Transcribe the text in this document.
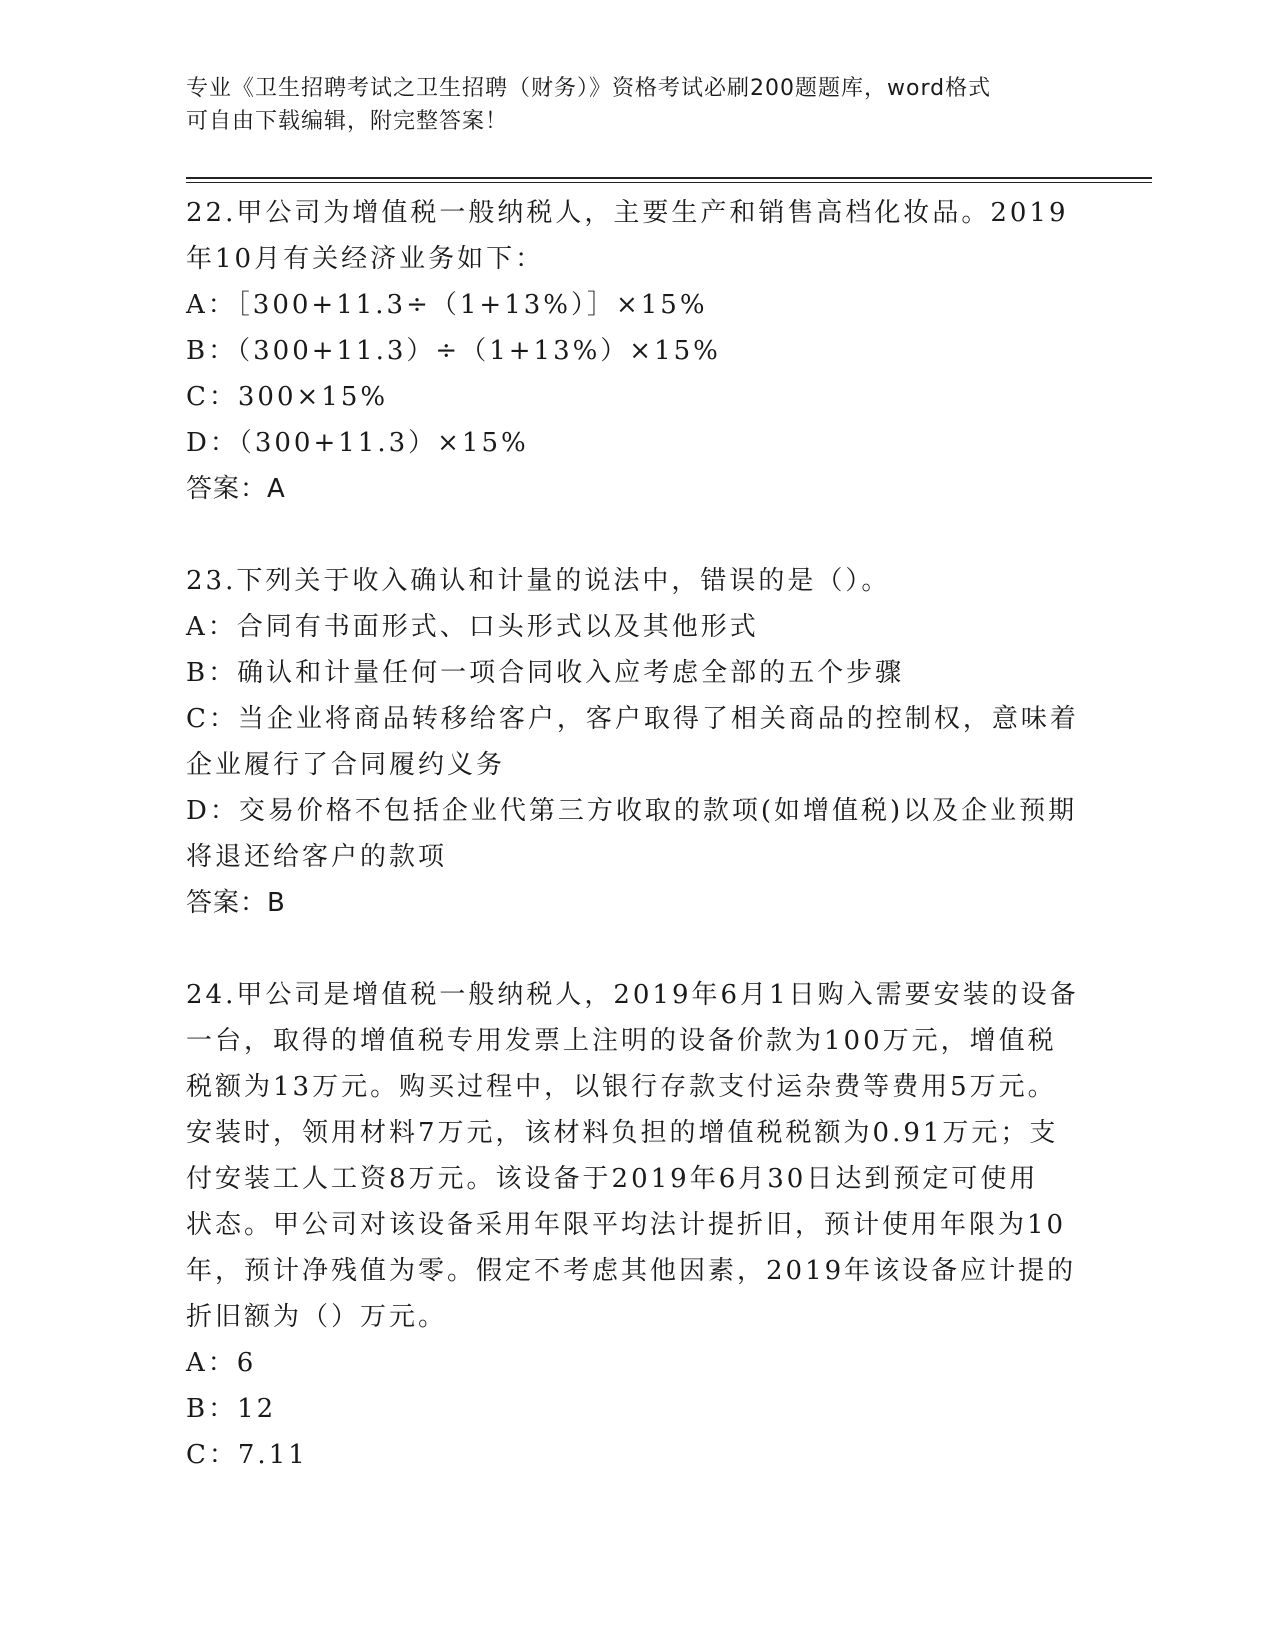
专业《卫生招聘考试之卫生招聘（财务）》资格考试必刷200题题库，word格式
可自由下载编辑，附完整答案！
22.甲公司为增值税一般纳税人，主要生产和销售高档化妆品。2019
年10月有关经济业务如下：
A：［300+11.3÷（1+13%）］×15%
B：（300+11.3）÷（1+13%）×15%
C：300×15%
D：（300+11.3）×15%
答案：A
23.下列关于收入确认和计量的说法中，错误的是（）。
A：合同有书面形式、口头形式以及其他形式
B：确认和计量任何一项合同收入应考虑全部的五个步骤
C：当企业将商品转移给客户，客户取得了相关商品的控制权，意味着
企业履行了合同履约义务
D：交易价格不包括企业代第三方收取的款项(如增值税)以及企业预期
将退还给客户的款项
答案：B
24.甲公司是增值税一般纳税人，2019年6月1日购入需要安装的设备
一台，取得的增值税专用发票上注明的设备价款为100万元，增值税
税额为13万元。购买过程中，以银行存款支付运杂费等费用5万元。
安装时，领用材料7万元，该材料负担的增值税税额为0.91万元；支
付安装工人工资8万元。该设备于2019年6月30日达到预定可使用
状态。甲公司对该设备采用年限平均法计提折旧，预计使用年限为10
年，预计净残值为零。假定不考虑其他因素，2019年该设备应计提的
折旧额为（）万元。
A：6
B：12
C：7.11
